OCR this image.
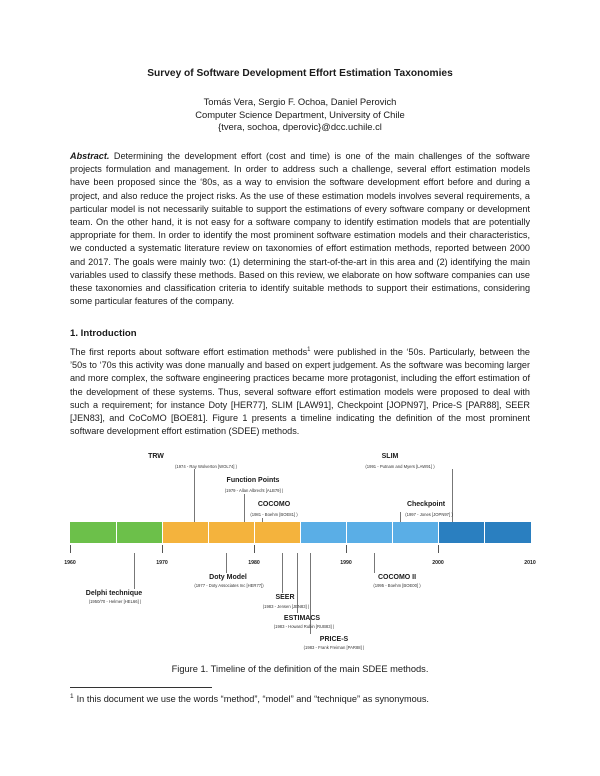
Survey of Software Development Effort Estimation Taxonomies
Tomás Vera, Sergio F. Ochoa, Daniel Perovich
Computer Science Department, University of Chile
{tvera, sochoa, dperovic}@dcc.uchile.cl
Abstract. Determining the development effort (cost and time) is one of the main challenges of the software projects formulation and management. In order to address such a challenge, several effort estimation models have been proposed since the ‘80s, as a way to envision the software development effort before and during a project, and also reduce the project risks. As the use of these estimation models involves several requirements, a particular model is not necessarily suitable to support the estimations of every software company or development team. On the other hand, it is not easy for a software company to identify estimation models that are potentially appropriate for them. In order to identify the most prominent software estimation models and their characteristics, we conducted a systematic literature review on taxonomies of effort estimation methods, reported between 2000 and 2017. The goals were mainly two: (1) determining the start-of-the-art in this area and (2) identifying the main variables used to classify these methods. Based on this review, we elaborate on how software companies can use these taxonomies and classification criteria to identify suitable methods to support their estimations, considering some particular features of the company.
1. Introduction
The first reports about software effort estimation methods$^1$ were published in the ‘50s. Particularly, between the ’50s to ‘70s this activity was done manually and based on expert judgement. As the software was becoming larger and more complex, the software engineering practices became more protagonist, including the effort estimation of the development of these systems. Thus, several software effort estimation models were proposed to deal with such a requirement; for instance Doty [HER77], SLIM [LAW91], Checkpoint [JOPN97], Price-S [PAR88], SEER [JEN83], and CoCoMO [BOE81]. Figure 1 presents a timeline indicating the definition of the most prominent software development effort estimation (SDEE) methods.
1960	1970	1980	1990	2000	2010
TRW
(1974 - Ray Wolverton [WOL74] )
SLIM
(1991 - Putnam and Myers [LAW91] )
Function Points
(1979 - Allan Albrecht [ALB79] )
COCOMO
(1981 - Boehm [BOE81] )
Checkpoint
(1997 - Jones [JOPN97] )
Doty Model
(1977 - Doty Associates Inc [HER77])
COCOMO II
(1995 - Boehm [BOE00] )
Delphi technique
(1950/70 - Helmer [HEL66] )
SEER
(1983 - Jensen [JEN83] )
ESTIMACS
(1983 - Howard Rubin [RUB83] )
PRICE-S
(1983 - Frank Freiman [PAR88] )
Figure 1. Timeline of the definition of the main SDEE methods.
$^1$ In this document we use the words “method”, “model” and “technique” as synonymous.
